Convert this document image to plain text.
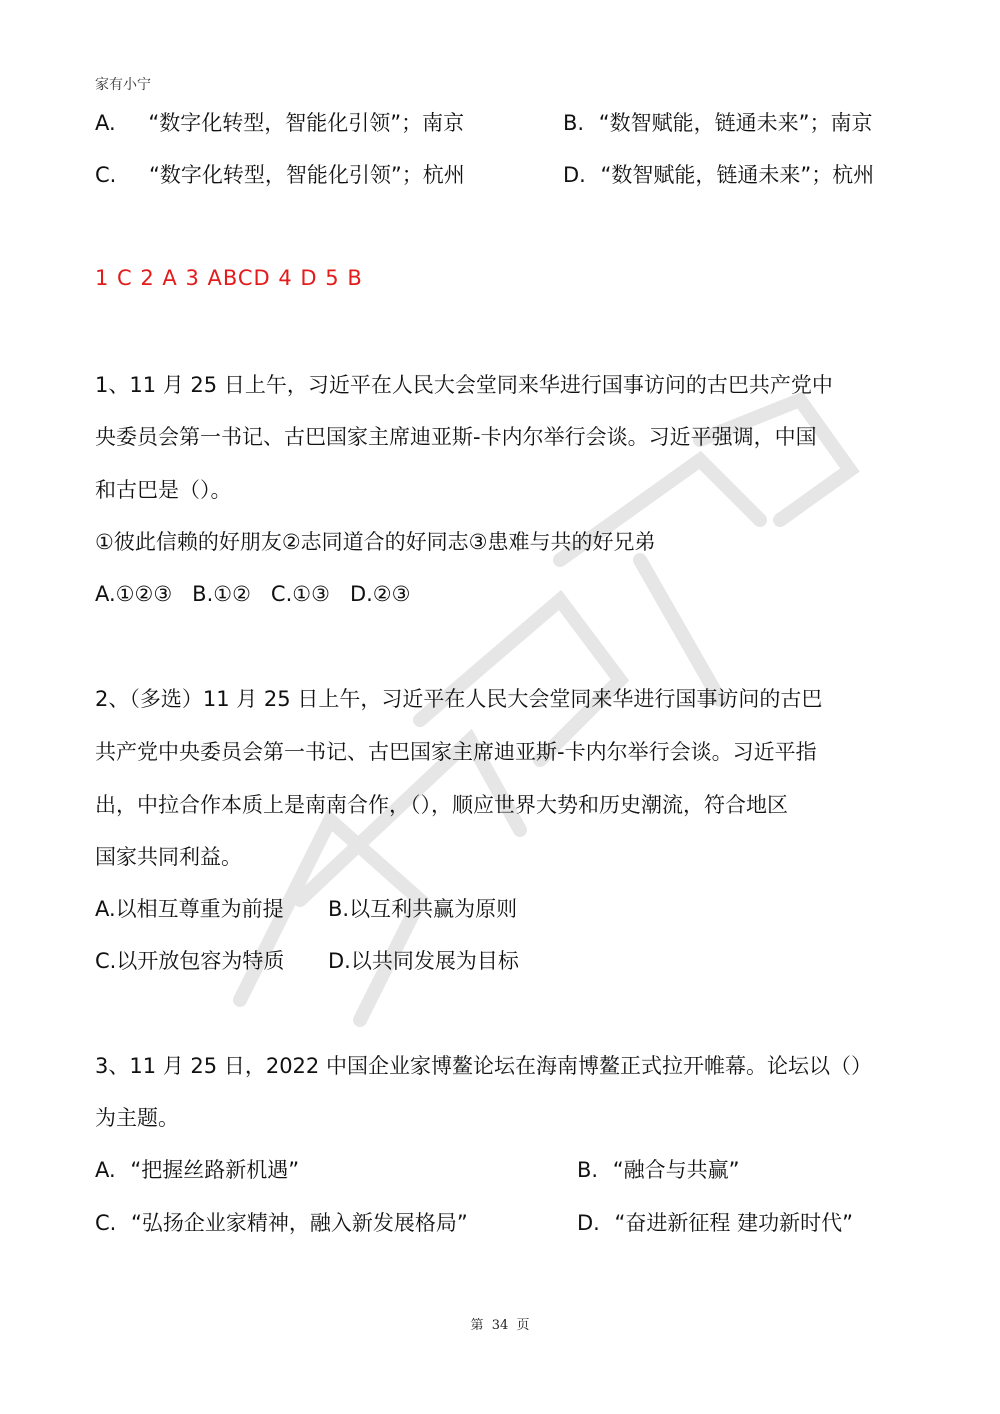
家有小宁
A. “数字化转型，智能化引领”；南京	B. “数智赋能，链通未来”；南京
C. “数字化转型，智能化引领”；杭州	D. “数智赋能，链通未来”；杭州
1 C 2 A 3 ABCD 4 D 5 B
1、11 月 25 日上午，习近平在人民大会堂同来华进行国事访问的古巴共产党中
央委员会第一书记、古巴国家主席迪亚斯-卡内尔举行会谈。习近平强调，中国
和古巴是（）。
①彼此信赖的好朋友②志同道合的好同志③患难与共的好兄弟
A.①②③   B.①②   C.①③   D.②③
2、（多选）11 月 25 日上午，习近平在人民大会堂同来华进行国事访问的古巴
共产党中央委员会第一书记、古巴国家主席迪亚斯-卡内尔举行会谈。习近平指
出，中拉合作本质上是南南合作，（），顺应世界大势和历史潮流，符合地区
国家共同利益。
A.以相互尊重为前提 B.以互利共赢为原则
C.以开放包容为特质 D.以共同发展为目标
3、11 月 25 日，2022 中国企业家博鳌论坛在海南博鳌正式拉开帷幕。论坛以（）
为主题。
A. “把握丝路新机遇”	B. “融合与共赢”
C. “弘扬企业家精神，融入新发展格局”	D. “奋进新征程 建功新时代”
第  34  页
